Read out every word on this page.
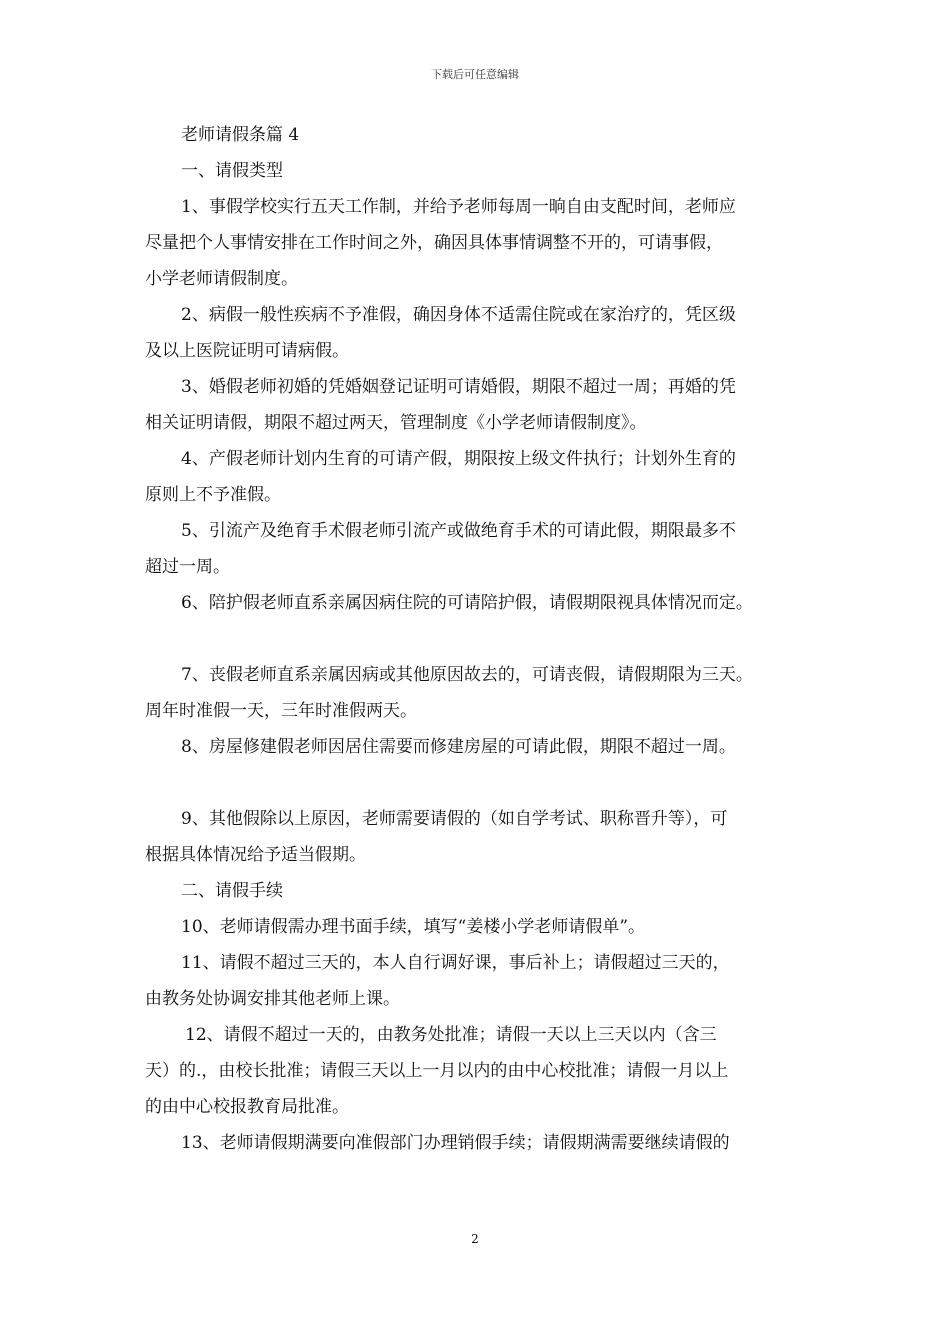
下载后可任意编辑

老师请假条篇 4

一、请假类型

1、事假学校实行五天工作制，并给予老师每周一晌自由支配时间，老师应

尽量把个人事情安排在工作时间之外，确因具体事情调整不开的，可请事假，

小学老师请假制度。

2、病假一般性疾病不予准假，确因身体不适需住院或在家治疗的，凭区级

及以上医院证明可请病假。

3、婚假老师初婚的凭婚姻登记证明可请婚假，期限不超过一周；再婚的凭

相关证明请假，期限不超过两天，管理制度《小学老师请假制度》。

4、产假老师计划内生育的可请产假，期限按上级文件执行；计划外生育的

原则上不予准假。

5、引流产及绝育手术假老师引流产或做绝育手术的可请此假，期限最多不

超过一周。

6、陪护假老师直系亲属因病住院的可请陪护假，请假期限视具体情况而定。

7、丧假老师直系亲属因病或其他原因故去的，可请丧假，请假期限为三天。

周年时准假一天，三年时准假两天。

8、房屋修建假老师因居住需要而修建房屋的可请此假，期限不超过一周。

9、其他假除以上原因，老师需要请假的（如自学考试、职称晋升等），可

根据具体情况给予适当假期。

二、请假手续

10、老师请假需办理书面手续，填写“姜楼小学老师请假单”。

11、请假不超过三天的，本人自行调好课，事后补上；请假超过三天的，

由教务处协调安排其他老师上课。

12、请假不超过一天的，由教务处批准；请假一天以上三天以内（含三

天）的.，由校长批准；请假三天以上一月以内的由中心校批准；请假一月以上

的由中心校报教育局批准。

13、老师请假期满要向准假部门办理销假手续；请假期满需要继续请假的

2
